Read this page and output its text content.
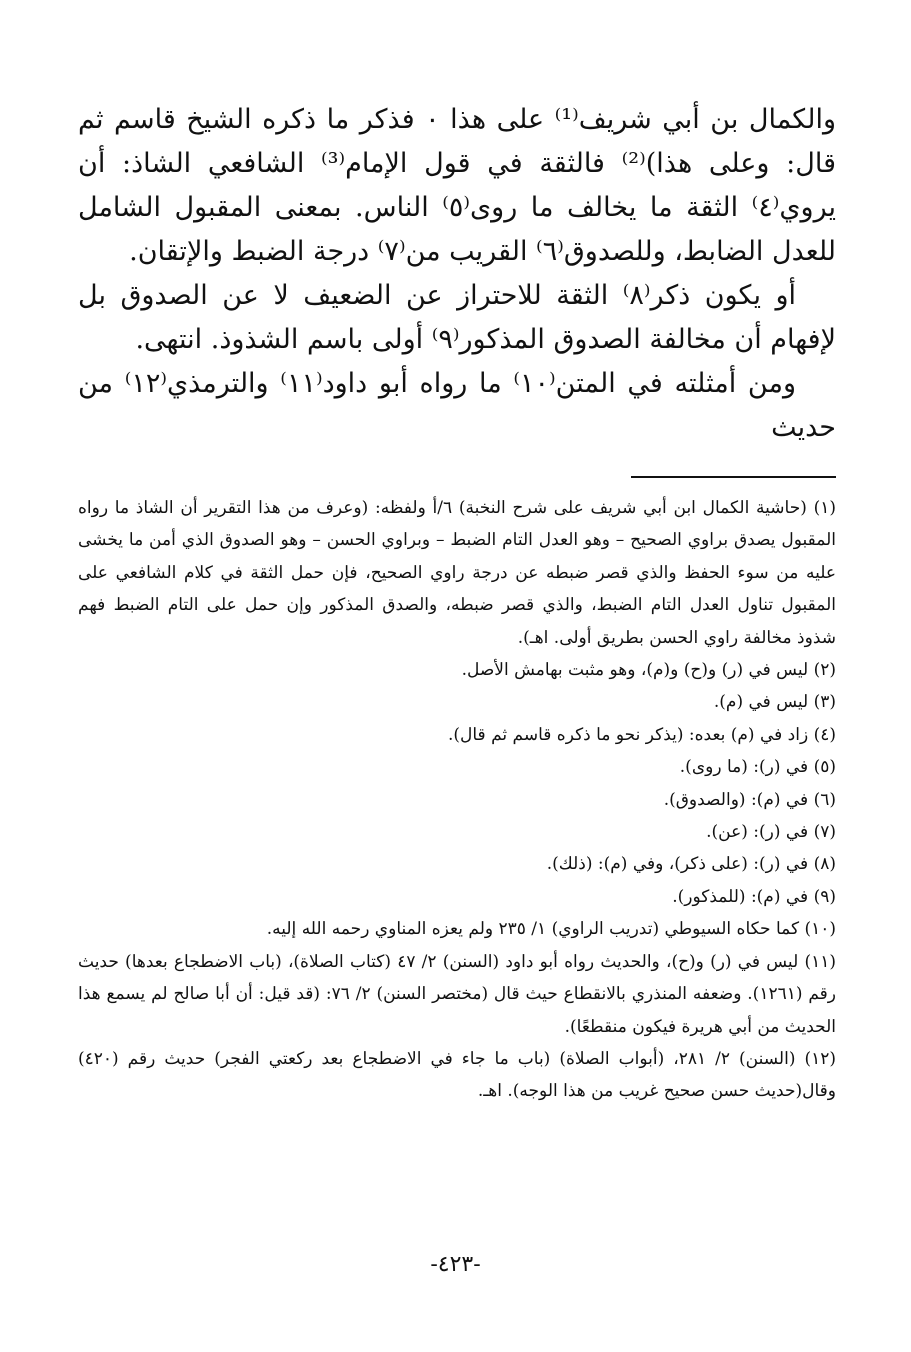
والكمال بن أبي شريف⁽¹⁾ على هذا ٠ فذكر ما ذكره الشيخ قاسم ثم قال: وعلى هذا)⁽²⁾ فالثقة في قول الإمام⁽³⁾ الشافعي الشاذ: أن يروي⁽٤⁾ الثقة ما يخالف ما روى⁽٥⁾ الناس. بمعنى المقبول الشامل للعدل الضابط، وللصدوق⁽٦⁾ القريب من⁽٧⁾ درجة الضبط والإتقان.

أو يكون ذكر⁽٨⁾ الثقة للاحتراز عن الضعيف لا عن الصدوق بل لإفهام أن مخالفة الصدوق المذكور⁽٩⁾ أولى باسم الشذوذ. انتهى.

ومن أمثلته في المتن⁽١٠⁾ ما رواه أبو داود⁽١١⁾ والترمذي⁽١٢⁾ من حديث

(١) (حاشية الكمال ابن أبي شريف على شرح النخبة) ٦/أ ولفظه: (وعرف من هذا التقرير أن الشاذ ما رواه المقبول يصدق براوي الصحيح – وهو العدل التام الضبط – وبراوي الحسن – وهو الصدوق الذي أمن ما يخشى عليه من سوء الحفظ والذي قصر ضبطه عن درجة راوي الصحيح، فإن حمل الثقة في كلام الشافعي على المقبول تناول العدل التام الضبط، والذي قصر ضبطه، والصدق المذكور وإن حمل على التام الضبط فهم شذوذ مخالفة راوي الحسن بطريق أولى. اهـ).
(٢) ليس في (ر) و(ح) و(م)، وهو مثبت بهامش الأصل.
(٣) ليس في (م).
(٤) زاد في (م) بعده: (يذكر نحو ما ذكره قاسم ثم قال).
(٥) في (ر): (ما روى).
(٦) في (م): (والصدوق).
(٧) في (ر): (عن).
(٨) في (ر): (على ذكر)، وفي (م): (ذلك).
(٩) في (م): (للمذكور).
(١٠) كما حكاه السيوطي (تدريب الراوي) ١/ ٢٣٥ ولم يعزه المناوي رحمه الله إليه.
(١١) ليس في (ر) و(ح)، والحديث رواه أبو داود (السنن) ٢/ ٤٧ (كتاب الصلاة)، (باب الاضطجاع بعدها) حديث رقم (١٢٦١). وضعفه المنذري بالانقطاع حيث قال (مختصر السنن) ٢/ ٧٦: (قد قيل: أن أبا صالح لم يسمع هذا الحديث من أبي هريرة فيكون منقطعًا).
(١٢) (السنن) ٢/ ٢٨١، (أبواب الصلاة) (باب ما جاء في الاضطجاع بعد ركعتي الفجر) حديث رقم (٤٢٠) وقال(حديث حسن صحيح غريب من هذا الوجه). اهـ.
-٤٢٣-
